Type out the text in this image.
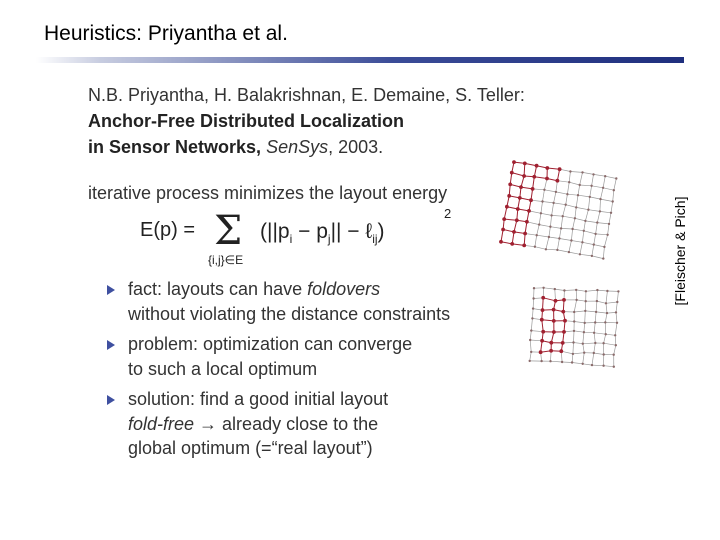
Heuristics: Priyantha et al.
N.B. Priyantha, H. Balakrishnan, E. Demaine, S. Teller:
Anchor-Free Distributed Localization
in Sensor Networks, SenSys, 2003.
iterative process minimizes the layout energy
E(p) = Σ
{i,j}∈E
($||p_i - p_j||$ − ℓ$_{ij}$)
2
fact: layouts can have foldovers
without violating the distance constraints
problem: optimization can converge
to such a local optimum
solution: find a good initial layout
fold-free → already close to the
global optimum (=“real layout”)
[Fleischer & Pich]
